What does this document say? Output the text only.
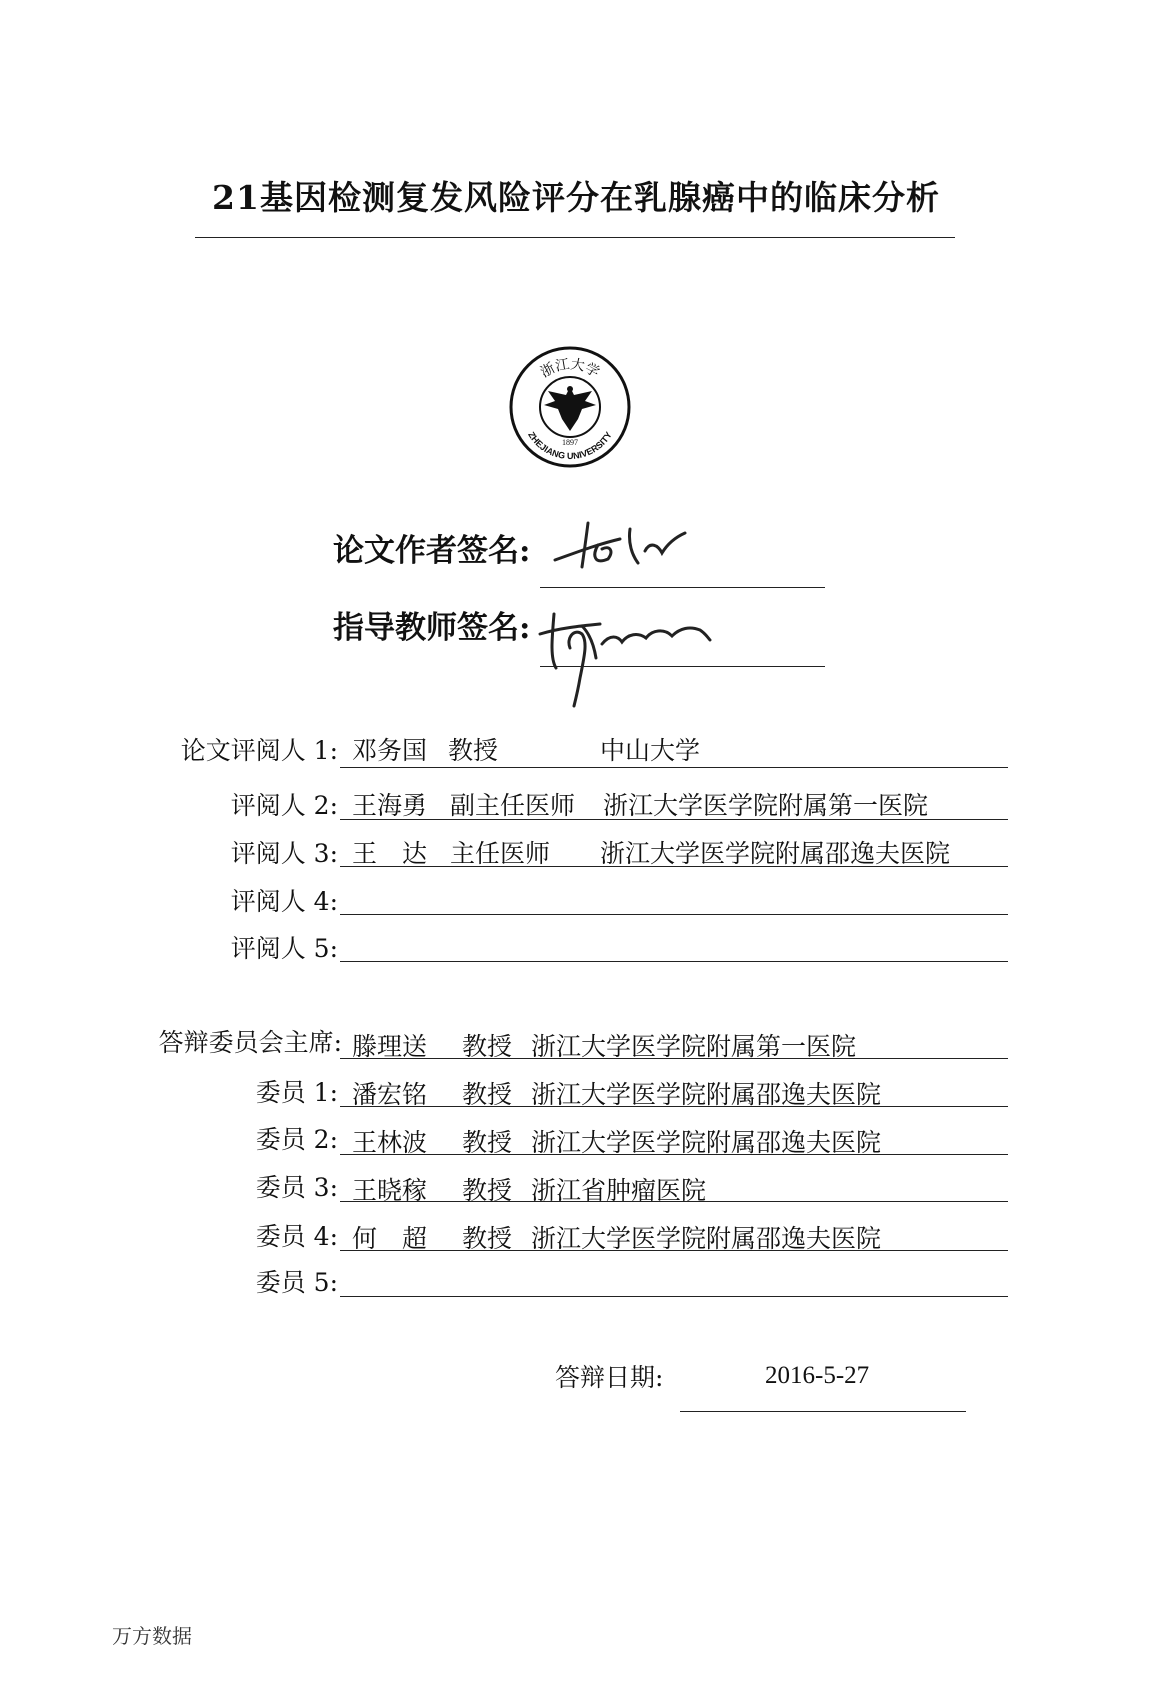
21基因检测复发风险评分在乳腺癌中的临床分析
浙江大学
ZHEJIANG UNIVERSITY
1897
论文作者签名:
指导教师签名:
论文评阅人 1: 邓务国 教授	中山大学
评阅人 2: 王海勇 副主任医师 浙江大学医学院附属第一医院
评阅人 3: 王　达 主任医师 浙江大学医学院附属邵逸夫医院
评阅人 4:
评阅人 5:
答辩委员会主席: 滕理送 教授 浙江大学医学院附属第一医院
委员 1: 潘宏铭 教授 浙江大学医学院附属邵逸夫医院
委员 2: 王林波 教授 浙江大学医学院附属邵逸夫医院
委员 3: 王晓稼 教授 浙江省肿瘤医院
委员 4: 何　超 教授 浙江大学医学院附属邵逸夫医院
委员 5:
答辩日期:	2016-5-27
万方数据
